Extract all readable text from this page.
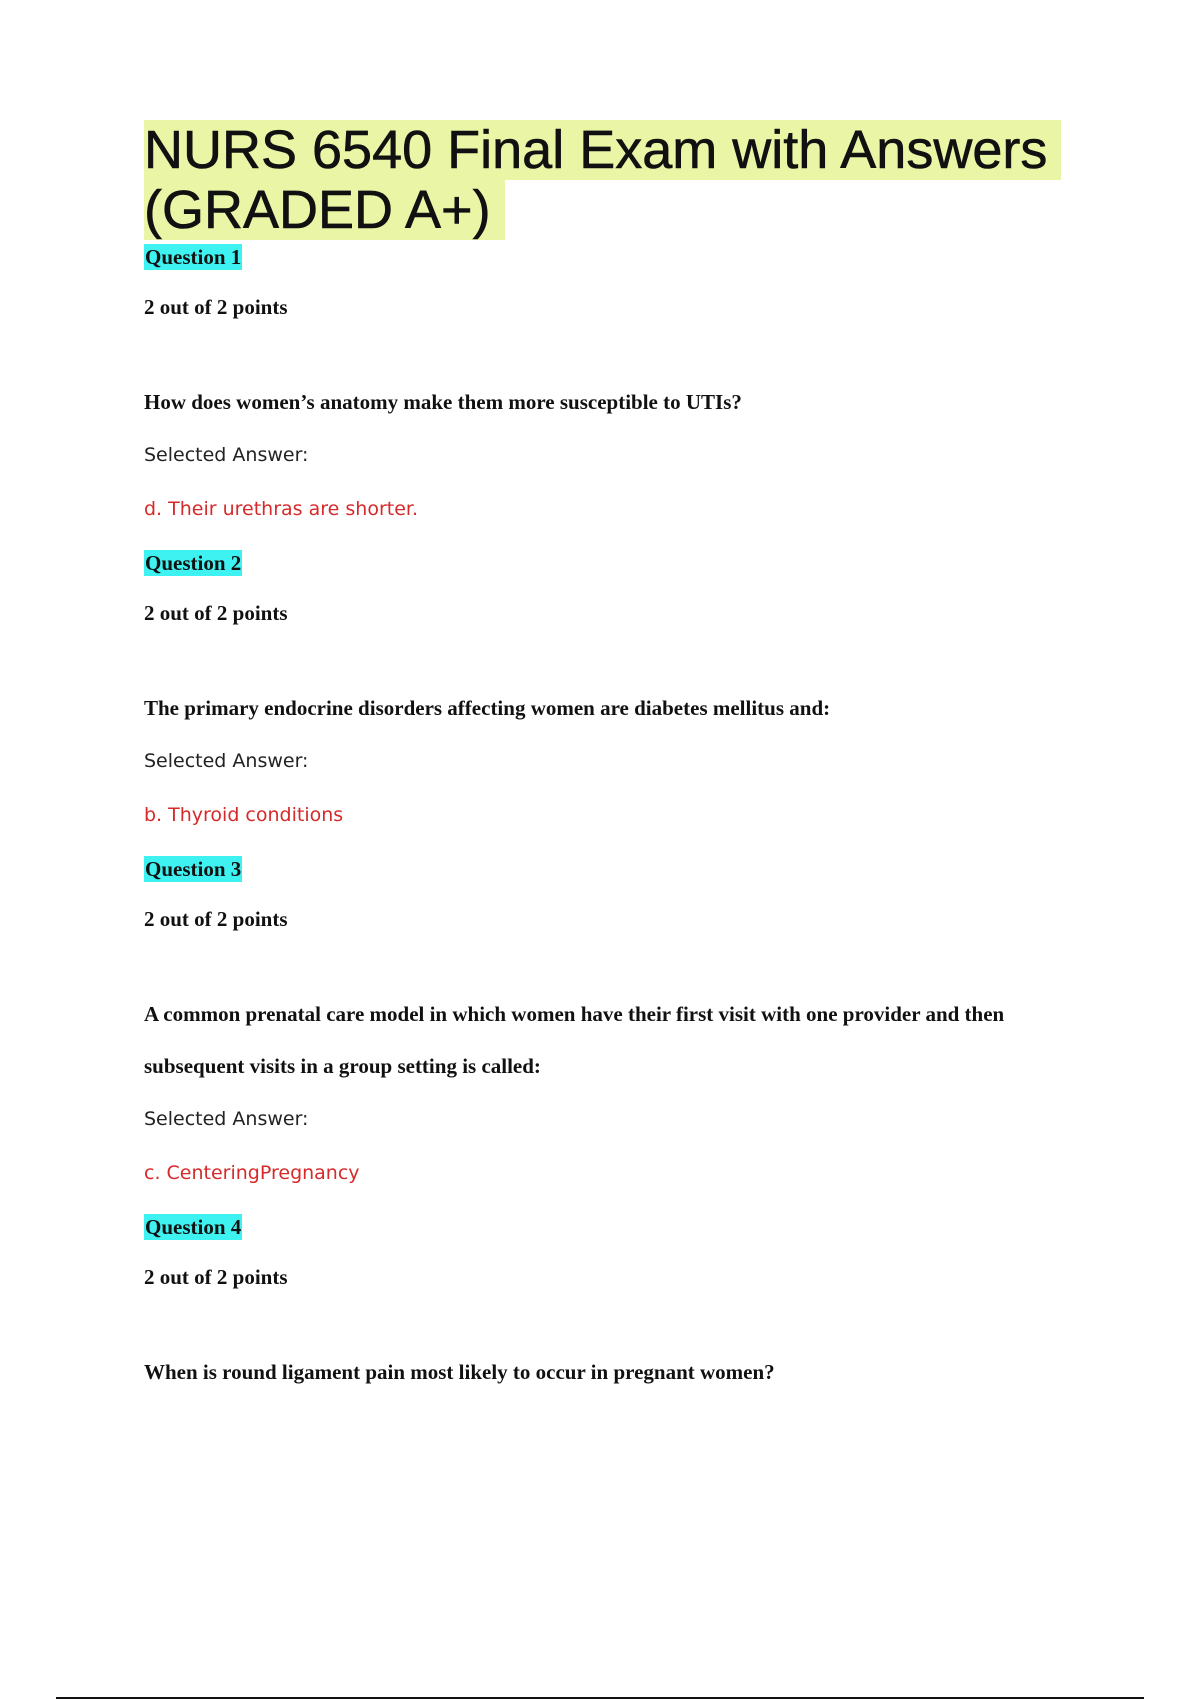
NURS 6540 Final Exam with Answers
(GRADED A+)
Question 1
2 out of 2 points
How does women’s anatomy make them more susceptible to UTIs?
Selected Answer:
d. Their urethras are shorter.
Question 2
2 out of 2 points
The primary endocrine disorders affecting women are diabetes mellitus and:
Selected Answer:
b. Thyroid conditions
Question 3
2 out of 2 points
A common prenatal care model in which women have their first visit with one provider and then
subsequent visits in a group setting is called:
Selected Answer:
c. CenteringPregnancy
Question 4
2 out of 2 points
When is round ligament pain most likely to occur in pregnant women?
